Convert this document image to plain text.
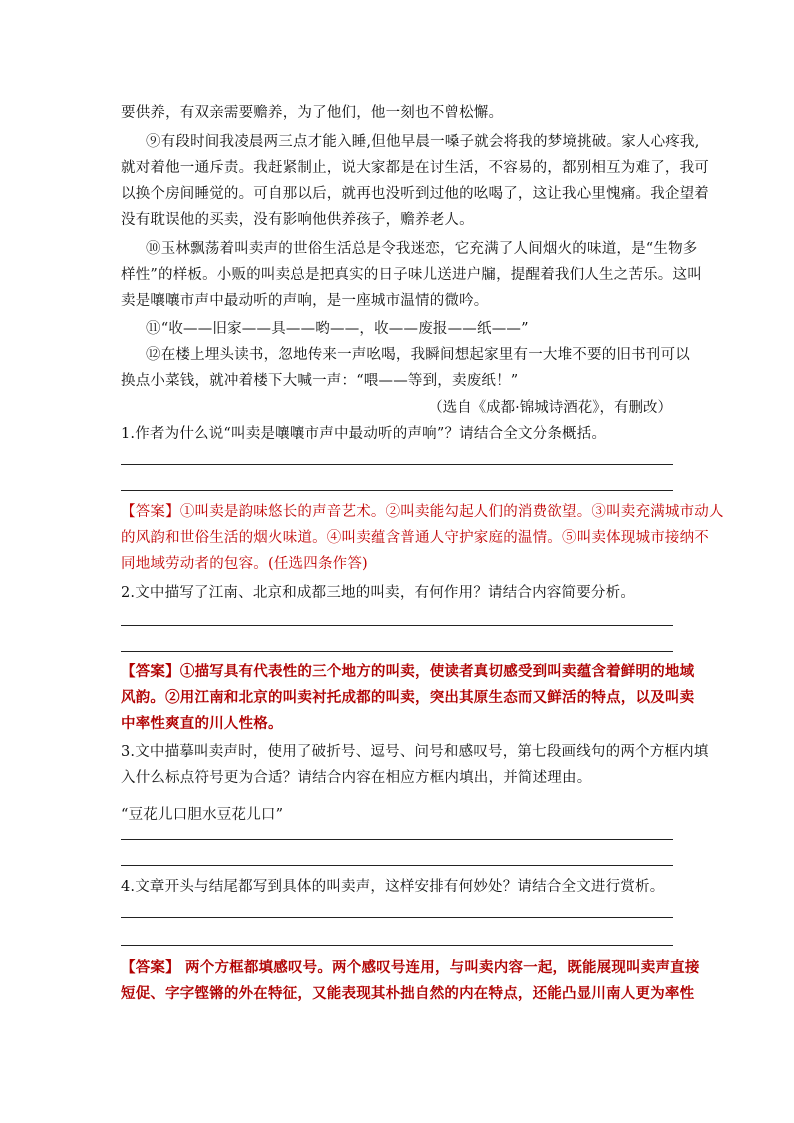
要供养，有双亲需要赡养，为了他们，他一刻也不曾松懈。
⑨有段时间我凌晨两三点才能入睡,但他早晨一嗓子就会将我的梦境挑破。家人心疼我,
就对着他一通斥责。我赶紧制止，说大家都是在讨生活，不容易的，都别相互为难了，我可
以换个房间睡觉的。可自那以后，就再也没听到过他的吆喝了，这让我心里愧痛。我企望着
没有耽误他的买卖，没有影响他供养孩子，赡养老人。
⑩玉林飘荡着叫卖声的世俗生活总是令我迷恋，它充满了人间烟火的味道，是“生物多
样性”的样板。小贩的叫卖总是把真实的日子味儿送进户牖，提醒着我们人生之苦乐。这叫
卖是嚷嚷市声中最动听的声响，是一座城市温情的微吟。
⑪“收——旧家——具——哟——，收——废报——纸——”
⑫在楼上埋头读书，忽地传来一声吆喝，我瞬间想起家里有一大堆不要的旧书刊可以
换点小菜钱，就冲着楼下大喊一声：“喂——等到，卖废纸！”
（选自《成都·锦城诗酒花》，有删改）
1.作者为什么说“叫卖是嚷嚷市声中最动听的声响”？请结合全文分条概括。
【答案】①叫卖是韵味悠长的声音艺术。②叫卖能勾起人们的消费欲望。③叫卖充满城市动人
的风韵和世俗生活的烟火味道。④叫卖蕴含普通人守护家庭的温情。⑤叫卖体现城市接纳不
同地域劳动者的包容。(任选四条作答)
2.文中描写了江南、北京和成都三地的叫卖，有何作用？请结合内容简要分析。
【答案】①描写具有代表性的三个地方的叫卖，使读者真切感受到叫卖蕴含着鲜明的地域
风韵。②用江南和北京的叫卖衬托成都的叫卖，突出其原生态而又鲜活的特点，以及叫卖
中率性爽直的川人性格。
3.文中描摹叫卖声时，使用了破折号、逗号、问号和感叹号，第七段画线句的两个方框内填
入什么标点符号更为合适？请结合内容在相应方框内填出，并简述理由。
“豆花儿口胆水豆花儿口”
4.文章开头与结尾都写到具体的叫卖声，这样安排有何妙处？请结合全文进行赏析。
【答案】 两个方框都填感叹号。两个感叹号连用，与叫卖内容一起，既能展现叫卖声直接
短促、字字铿锵的外在特征，又能表现其朴拙自然的内在特点，还能凸显川南人更为率性
